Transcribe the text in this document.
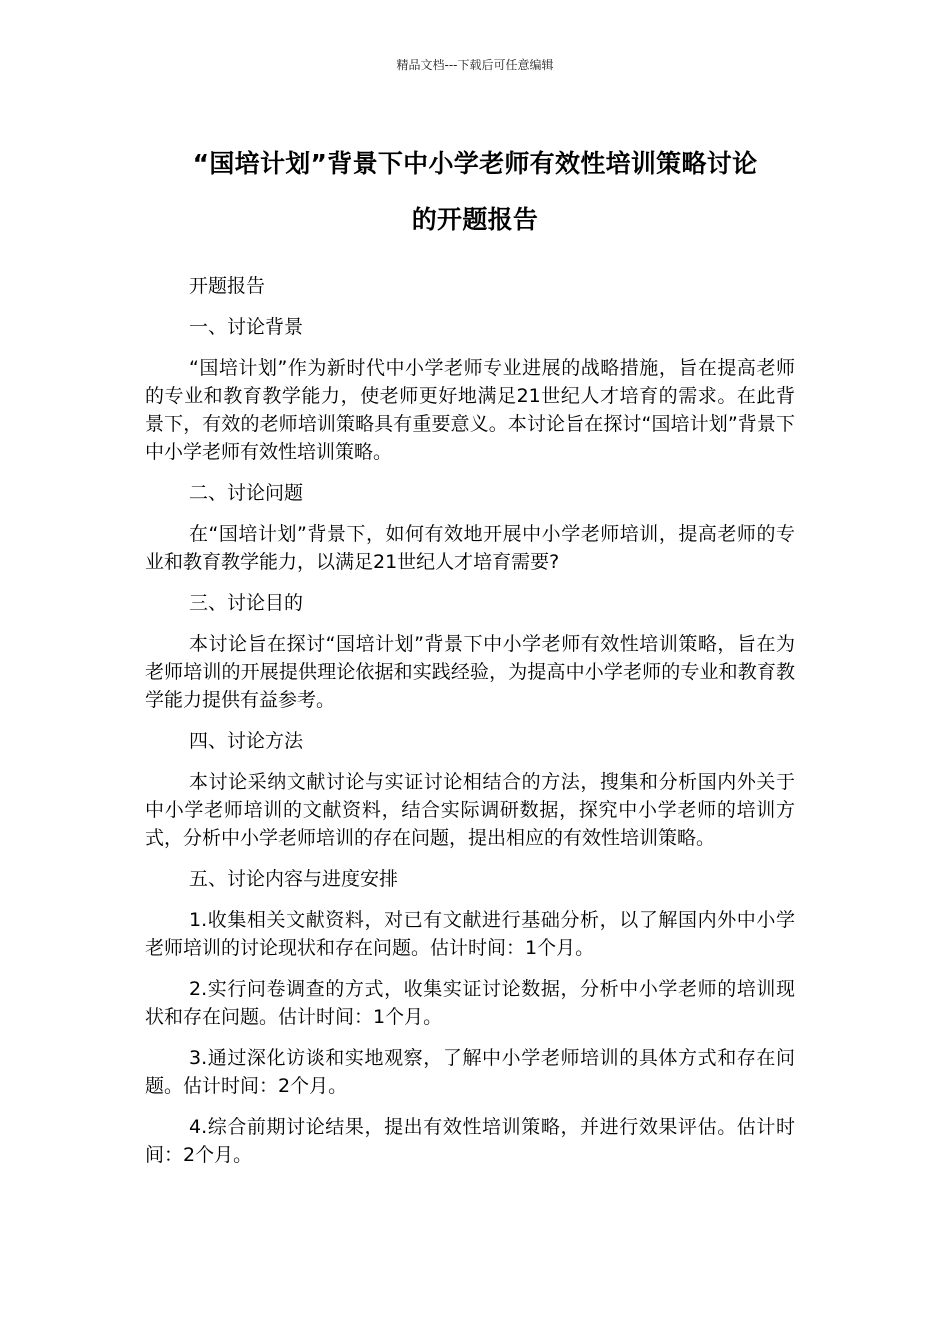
精品文档---下载后可任意编辑
“国培计划”背景下中小学老师有效性培训策略讨论
的开题报告

开题报告

一、讨论背景

“国培计划”作为新时代中小学老师专业进展的战略措施，旨在提高老师的专业和教育教学能力，使老师更好地满足21世纪人才培育的需求。在此背景下，有效的老师培训策略具有重要意义。本讨论旨在探讨“国培计划”背景下中小学老师有效性培训策略。

二、讨论问题

在“国培计划”背景下，如何有效地开展中小学老师培训，提高老师的专业和教育教学能力，以满足21世纪人才培育需要?

三、讨论目的

本讨论旨在探讨“国培计划”背景下中小学老师有效性培训策略，旨在为老师培训的开展提供理论依据和实践经验，为提高中小学老师的专业和教育教学能力提供有益参考。

四、讨论方法

本讨论采纳文献讨论与实证讨论相结合的方法，搜集和分析国内外关于中小学老师培训的文献资料，结合实际调研数据，探究中小学老师的培训方式，分析中小学老师培训的存在问题，提出相应的有效性培训策略。

五、讨论内容与进度安排

1.收集相关文献资料，对已有文献进行基础分析，以了解国内外中小学老师培训的讨论现状和存在问题。估计时间：1个月。

2.实行问卷调查的方式，收集实证讨论数据，分析中小学老师的培训现状和存在问题。估计时间：1个月。

3.通过深化访谈和实地观察，了解中小学老师培训的具体方式和存在问题。估计时间：2个月。

4.综合前期讨论结果，提出有效性培训策略，并进行效果评估。估计时间：2个月。
